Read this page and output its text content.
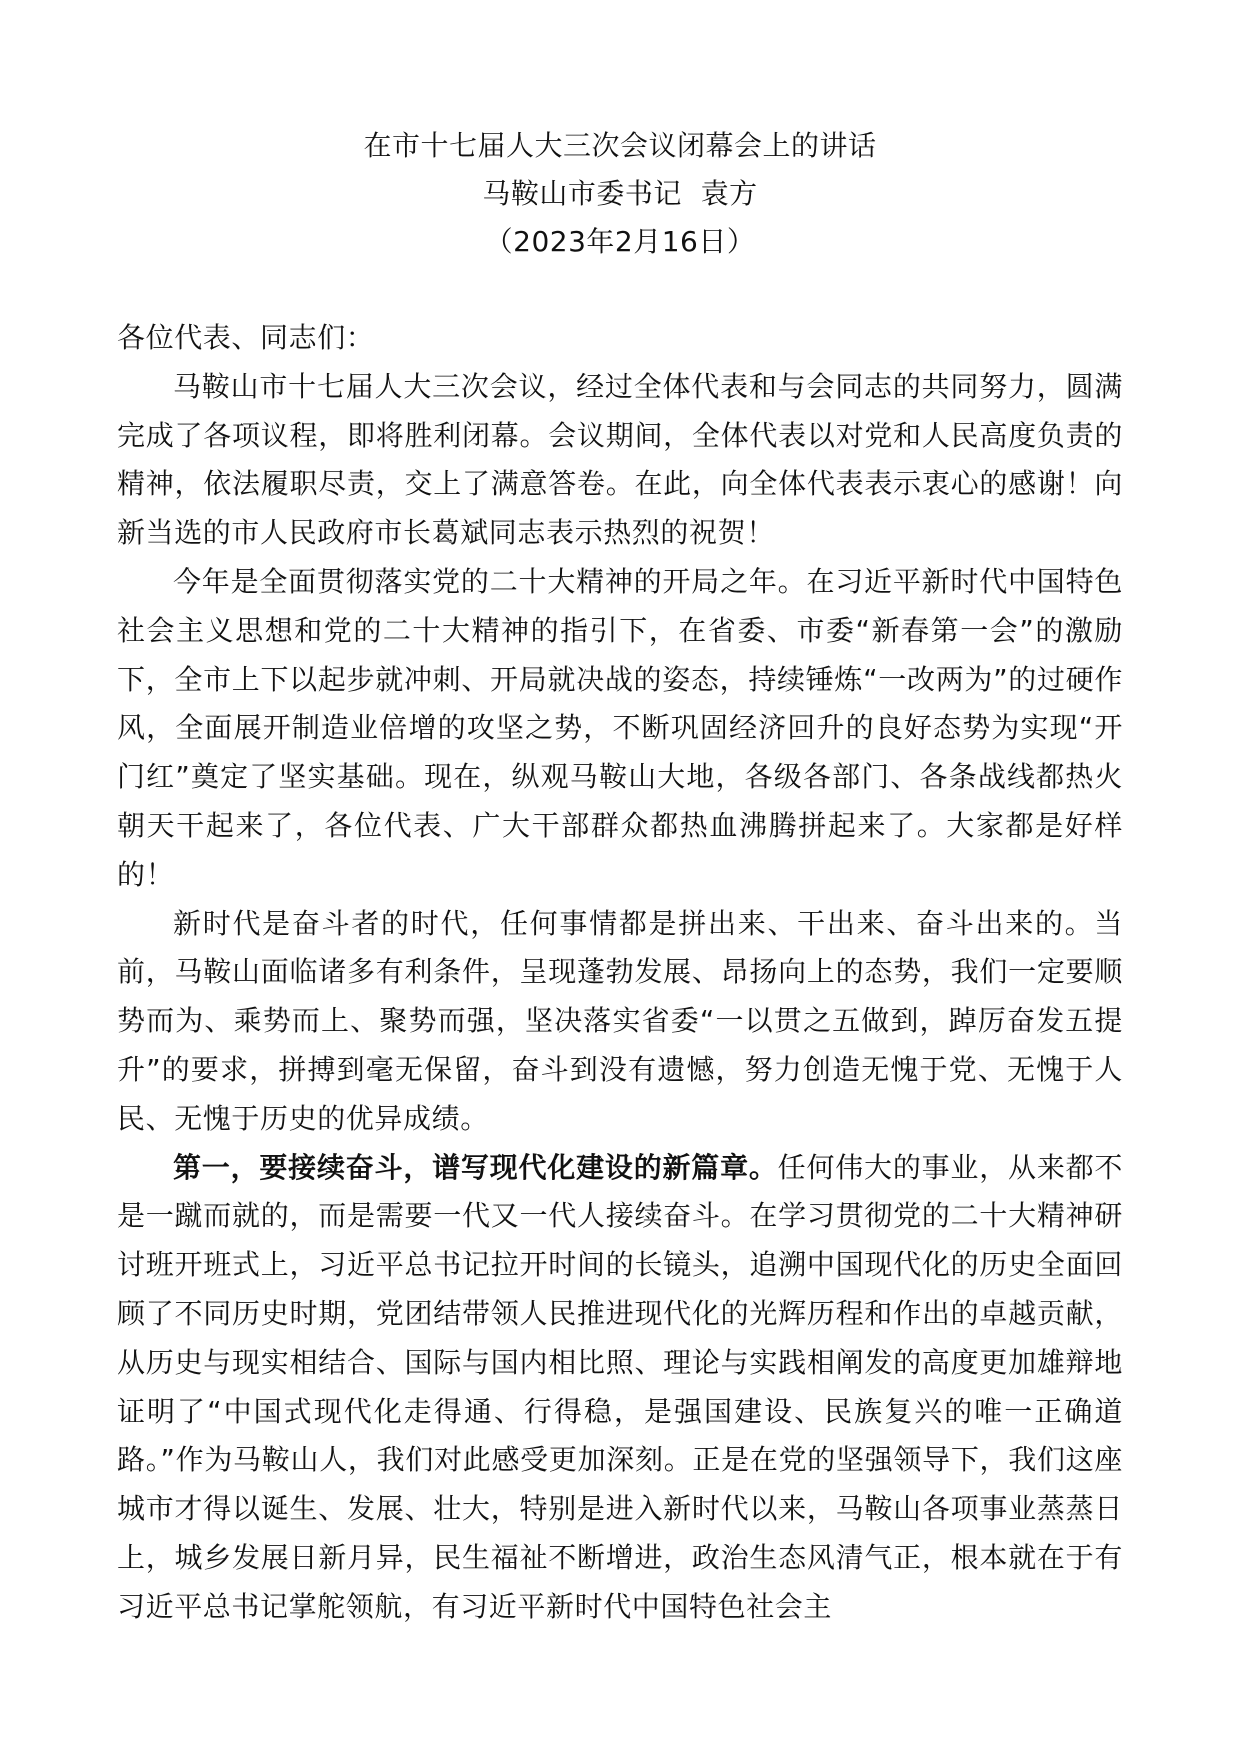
在市十七届人大三次会议闭幕会上的讲话
马鞍山市委书记  袁方
（2023年2月16日）

各位代表、同志们：

马鞍山市十七届人大三次会议，经过全体代表和与会同志的共同努力，圆满完成了各项议程，即将胜利闭幕。会议期间，全体代表以对党和人民高度负责的精神，依法履职尽责，交上了满意答卷。在此，向全体代表表示衷心的感谢！向新当选的市人民政府市长葛斌同志表示热烈的祝贺！

今年是全面贯彻落实党的二十大精神的开局之年。在习近平新时代中国特色社会主义思想和党的二十大精神的指引下，在省委、市委“新春第一会”的激励下，全市上下以起步就冲刺、开局就决战的姿态，持续锤炼“一改两为”的过硬作风，全面展开制造业倍增的攻坚之势，不断巩固经济回升的良好态势为实现“开门红”奠定了坚实基础。现在，纵观马鞍山大地，各级各部门、各条战线都热火朝天干起来了，各位代表、广大干部群众都热血沸腾拼起来了。大家都是好样的！

新时代是奋斗者的时代，任何事情都是拼出来、干出来、奋斗出来的。当前，马鞍山面临诸多有利条件，呈现蓬勃发展、昂扬向上的态势，我们一定要顺势而为、乘势而上、聚势而强，坚决落实省委“一以贯之五做到，踔厉奋发五提升”的要求，拼搏到毫无保留，奋斗到没有遗憾，努力创造无愧于党、无愧于人民、无愧于历史的优异成绩。

第一，要接续奋斗，谱写现代化建设的新篇章。任何伟大的事业，从来都不是一蹴而就的，而是需要一代又一代人接续奋斗。在学习贯彻党的二十大精神研讨班开班式上，习近平总书记拉开时间的长镜头，追溯中国现代化的历史全面回顾了不同历史时期，党团结带领人民推进现代化的光辉历程和作出的卓越贡献，从历史与现实相结合、国际与国内相比照、理论与实践相阐发的高度更加雄辩地证明了“中国式现代化走得通、行得稳，是强国建设、民族复兴的唯一正确道路。”作为马鞍山人，我们对此感受更加深刻。正是在党的坚强领导下，我们这座城市才得以诞生、发展、壮大，特别是进入新时代以来，马鞍山各项事业蒸蒸日上，城乡发展日新月异，民生福祉不断增进，政治生态风清气正，根本就在于有习近平总书记掌舵领航，有习近平新时代中国特色社会主
